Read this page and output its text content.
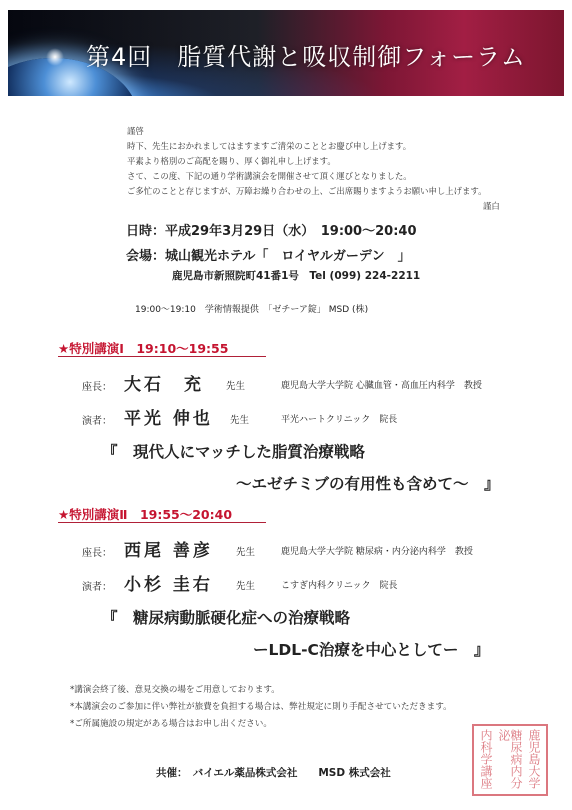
第4回　脂質代謝と吸収制御フォーラム
謹啓
時下、先生におかれましてはますますご清栄のこととお慶び申し上げます。
平素より格別のご高配を賜り、厚く御礼申し上げます。
さて、この度、下記の通り学術講演会を開催させて頂く運びとなりました。
ご多忙のことと存じますが、万障お繰り合わせの上、ご出席賜りますようお願い申し上げます。
謹白
日時：平成29年3月29日（水）　19:00～20:40
会場：城山観光ホテル「　ロイヤルガーデン　」
鹿児島市新照院町41番1号　Tel (099) 224-2211
19:00～19:10　学術情報提供　「ゼチーア錠」 MSD (株)
★特別講演Ⅰ　19:10～19:55
座長： 大石　充 先生	鹿児島大学大学院 心臓血管・高血圧内科学　教授
演者： 平光 伸也 先生	平光ハートクリニック　院長
『　現代人にマッチした脂質治療戦略
～エゼチミブの有用性も含めて～　』
★特別講演Ⅱ　19:55～20:40
座長： 西尾 善彦 先生	鹿児島大学大学院 糖尿病・内分泌内科学　教授
演者： 小杉 圭右 先生	こすぎ内科クリニック　院長
『　糖尿病動脈硬化症への治療戦略
ーLDL-C治療を中心としてー　』
*講演会終了後、意見交換の場をご用意しております。
*本講演会のご参加に伴い弊社が旅費を負担する場合は、弊社規定に則り手配させていただきます。
*ご所属施設の規定がある場合はお申し出ください。
共催：　バイエル薬品株式会社　　MSD 株式会社	鹿児島大学
糖尿病内分泌
内科学講座
